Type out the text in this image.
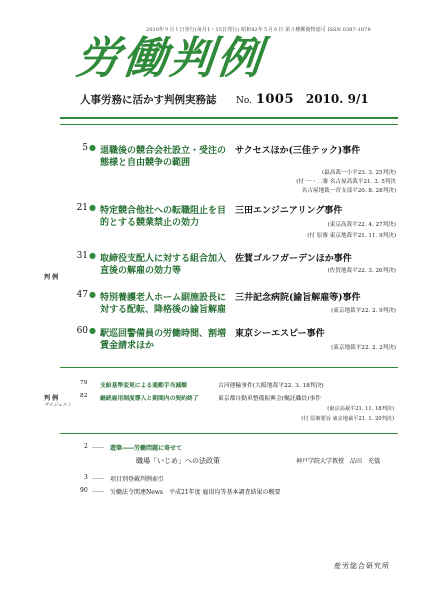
2010年９月１日発行(毎月1・15日発行) 昭和42年５月６日 第３種郵便物認可 ISSN 0387-1878
労働判例
人事労務に活かす判例実務誌 No. 1005 2010. 9/1
判 例
5● 退職後の競合会社設立・受注の　 サクセスほか(三佳テック)事件
態様と自由競争の範囲
(最高裁一小平23. 3. 25判決)
(付 一・二審 名古屋高裁平21. 3. 5判決
名古屋地裁一宮支部平20. 8. 28判決)
21● 特定競合他社への転職阻止を目　 三田エンジニアリング事件
的とする競業禁止の効力	(東京高裁平22. 4. 27判決)
(付 原審 東京地裁平21. 11. 9判決)
31● 取締役支配人に対する組合加入　 佐賀ゴルフガーデンほか事件
直後の解雇の効力等	(佐賀地裁平22. 3. 26判決)
47● 特別養護老人ホーム副施設長に　 三井記念病院(諭旨解雇等)事件
対する配転、降格後の諭旨解雇	(東京地裁平22. 2. 9判決)
60● 駅巡回警備員の労働時間、割増　 東京シーエスピー事件
賃金請求ほか	(東京地裁平22. 2. 2判決)
判 例
ダイジェスト
79 支給基準変更による通勤手当減額	古河運輸事件(大阪地裁平22. 3. 18判決)
82 継続雇用制度導入と期間内の契約終了	東京都自動車整備振興会(嘱託職員)事件
(東京高裁平21. 11. 18判決)
(付 原審要旨 東京地裁平21. 1. 20判決)
2 …… 遊筆――労働問題に寄せて
職場「いじめ」への法政策	神戸学院大学教授　品田　充儀
3 …… 項目別登載判例索引
90 …… 労働法令関連News　平成21年度 雇用均等基本調査結果の概要
産労総合研究所
